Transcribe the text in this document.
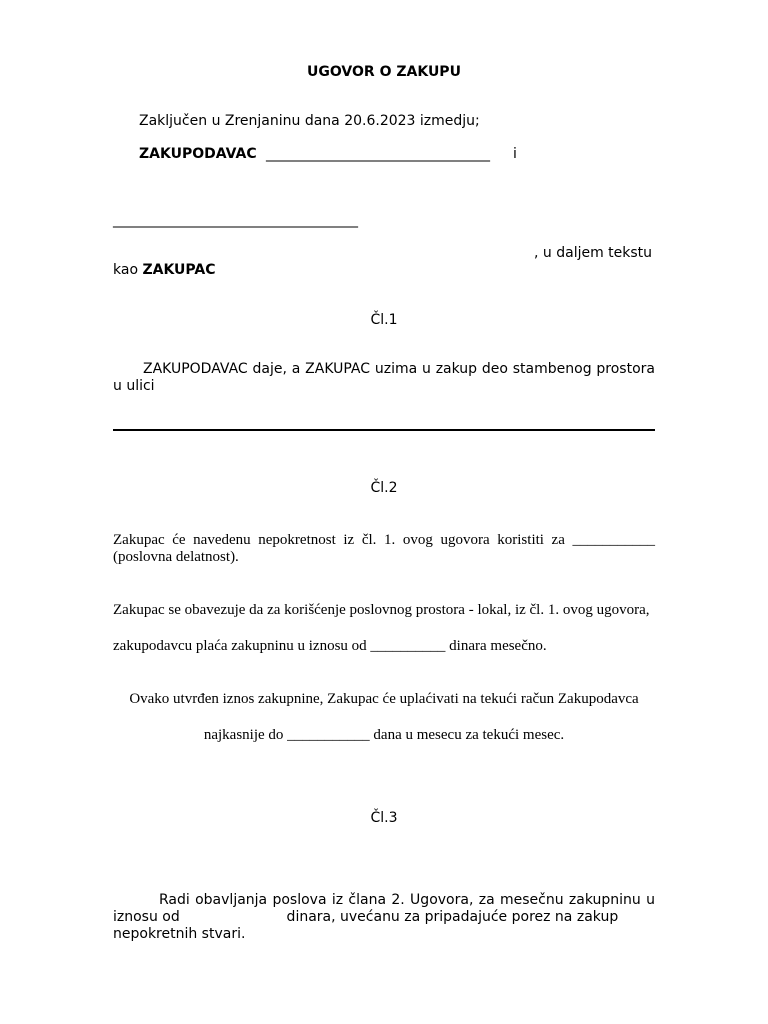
UGOVOR O ZAKUPU
Zaključen u Zrenjaninu dana 20.6.2023 izmedju;
ZAKUPODAVAC ________________________________ i
___________________________________
, u daljem tekstu
kao ZAKUPAC
Čl.1
ZAKUPODAVAC daje, a ZAKUPAC uzima u zakup deo stambenog prostora
u ulici
Čl.2
Zakupac će navedenu nepokretnost iz čl. 1. ovog ugovora koristiti za ___________
(poslovna delatnost).
Zakupac se obavezuje da za korišćenje poslovnog prostora - lokal, iz čl. 1. ovog ugovora,
zakupodavcu plaća zakupninu u iznosu od __________ dinara mesečno.
Ovako utvrđen iznos zakupnine, Zakupac će uplaćivati na tekući račun Zakupodavca
najkasnije do ___________ dana u mesecu za tekući mesec.
Čl.3
Radi obavljanja poslova iz člana 2. Ugovora, za mesečnu zakupninu u
iznosu od                        dinara, uvećanu za pripadajuće porez na zakup
nepokretnih stvari.
